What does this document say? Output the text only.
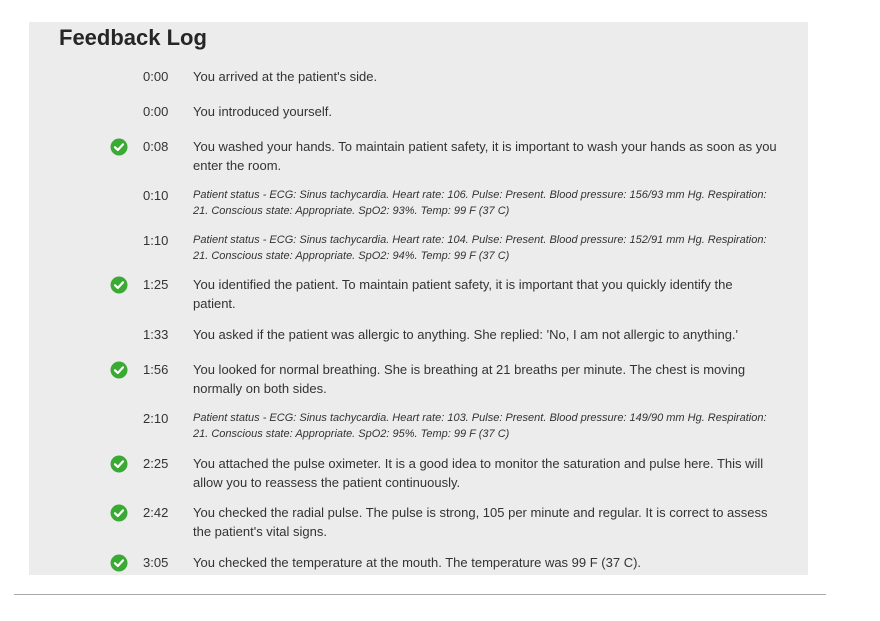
Feedback Log
0:00 You arrived at the patient's side.
0:00 You introduced yourself.
0:08 You washed your hands. To maintain patient safety, it is important to wash your hands as soon as you enter the room.
0:10 Patient status - ECG: Sinus tachycardia. Heart rate: 106. Pulse: Present. Blood pressure: 156/93 mm Hg. Respiration: 21. Conscious state: Appropriate. SpO2: 93%. Temp: 99 F (37 C)
1:10 Patient status - ECG: Sinus tachycardia. Heart rate: 104. Pulse: Present. Blood pressure: 152/91 mm Hg. Respiration: 21. Conscious state: Appropriate. SpO2: 94%. Temp: 99 F (37 C)
1:25 You identified the patient. To maintain patient safety, it is important that you quickly identify the patient.
1:33 You asked if the patient was allergic to anything. She replied: 'No, I am not allergic to anything.'
1:56 You looked for normal breathing. She is breathing at 21 breaths per minute. The chest is moving normally on both sides.
2:10 Patient status - ECG: Sinus tachycardia. Heart rate: 103. Pulse: Present. Blood pressure: 149/90 mm Hg. Respiration: 21. Conscious state: Appropriate. SpO2: 95%. Temp: 99 F (37 C)
2:25 You attached the pulse oximeter. It is a good idea to monitor the saturation and pulse here. This will allow you to reassess the patient continuously.
2:42 You checked the radial pulse. The pulse is strong, 105 per minute and regular. It is correct to assess the patient's vital signs.
3:05 You checked the temperature at the mouth. The temperature was 99 F (37 C).
